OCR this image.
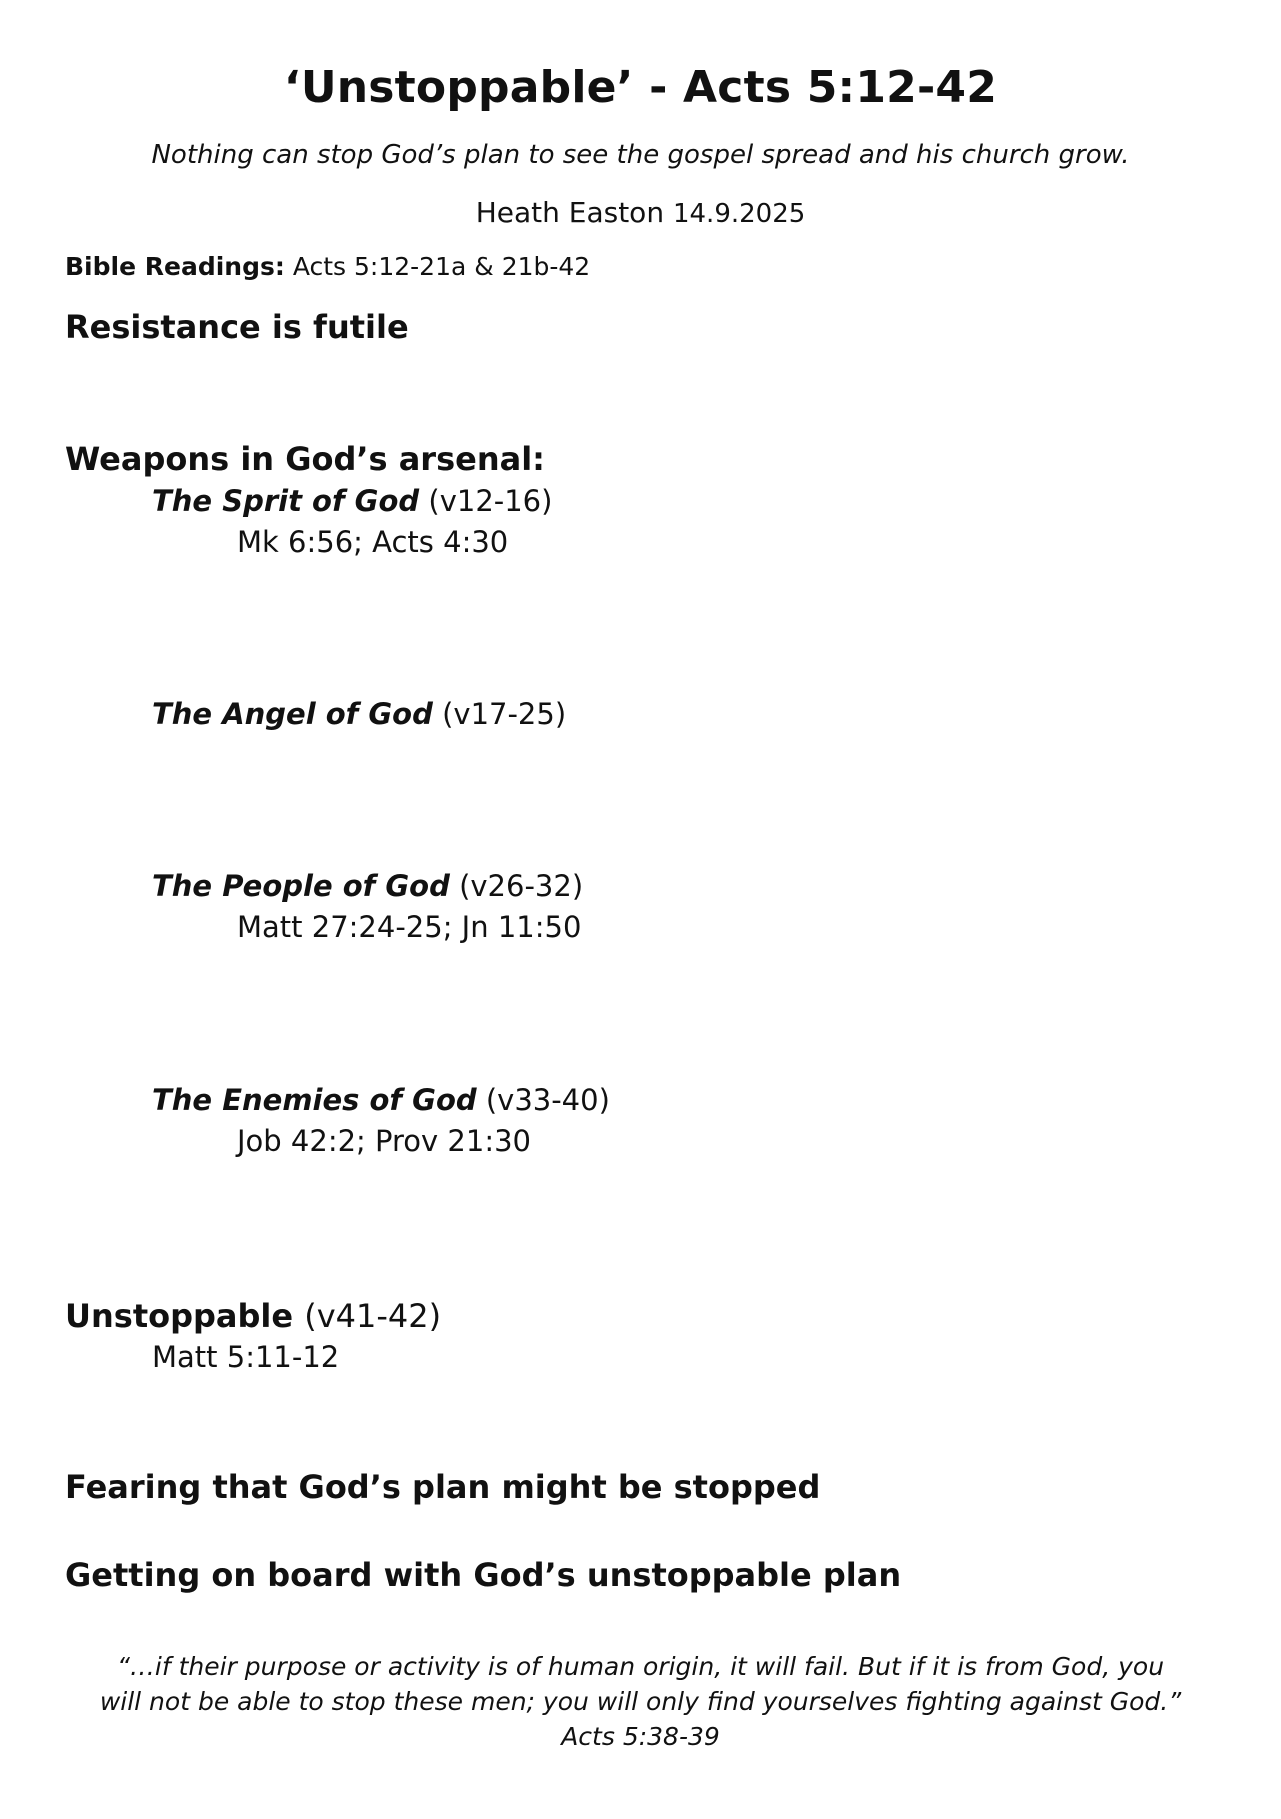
‘Unstoppable’ - Acts 5:12-42
Nothing can stop God’s plan to see the gospel spread and his church grow.
Heath Easton 14.9.2025
Bible Readings: Acts 5:12-21a & 21b-42
Resistance is futile
Weapons in God’s arsenal:
The Sprit of God (v12-16)
Mk 6:56; Acts 4:30
The Angel of God (v17-25)
The People of God (v26-32)
Matt 27:24-25; Jn 11:50
The Enemies of God (v33-40)
Job 42:2; Prov 21:30
Unstoppable (v41-42)
Matt 5:11-12
Fearing that God’s plan might be stopped
Getting on board with God’s unstoppable plan
“…if their purpose or activity is of human origin, it will fail. But if it is from God, you
will not be able to stop these men; you will only find yourselves fighting against God.”
Acts 5:38-39
